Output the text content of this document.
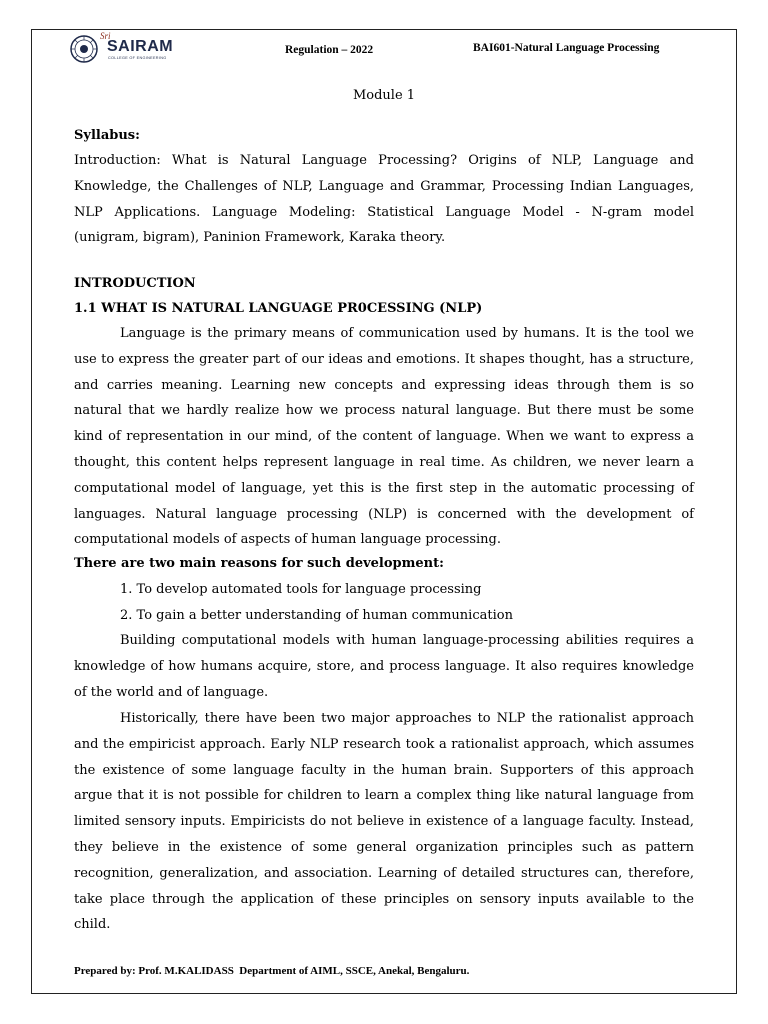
Sri
SAIRAM
COLLEGE OF ENGINEERING
Regulation – 2022	BAI601-Natural Language Processing
Module 1

Syllabus:

Introduction: What is Natural Language Processing? Origins of NLP, Language and Knowledge, the Challenges of NLP, Language and Grammar, Processing Indian Languages, NLP Applications. Language Modeling: Statistical Language Model - N-gram model (unigram, bigram), Paninion Framework, Karaka theory.

INTRODUCTION

1.1 WHAT IS NATURAL LANGUAGE PR0CESSING (NLP)

Language is the primary means of communication used by humans. It is the tool we use to express the greater part of our ideas and emotions. It shapes thought, has a structure, and carries meaning. Learning new concepts and expressing ideas through them is so natural that we hardly realize how we process natural language. But there must be some kind of representation in our mind, of the content of language. When we want to express a thought, this content helps represent language in real time. As children, we never learn a computational model of language, yet this is the first step in the automatic processing of languages. Natural language processing (NLP) is concerned with the development of computational models of aspects of human language processing.

There are two main reasons for such development:

1. To develop automated tools for language processing

2. To gain a better understanding of human communication

Building computational models with human language-processing abilities requires a knowledge of how humans acquire, store, and process language. It also requires knowledge of the world and of language.

Historically, there have been two major approaches to NLP the rationalist approach and the empiricist approach. Early NLP research took a rationalist approach, which assumes the existence of some language faculty in the human brain. Supporters of this approach argue that it is not possible for children to learn a complex thing like natural language from limited sensory inputs. Empiricists do not believe in existence of a language faculty. Instead, they believe in the existence of some general organization principles such as pattern recognition, generalization, and association. Learning of detailed structures can, therefore, take place through the application of these principles on sensory inputs available to the child.

Prepared by: Prof. M.KALIDASS  Department of AIML, SSCE, Anekal, Bengaluru.
